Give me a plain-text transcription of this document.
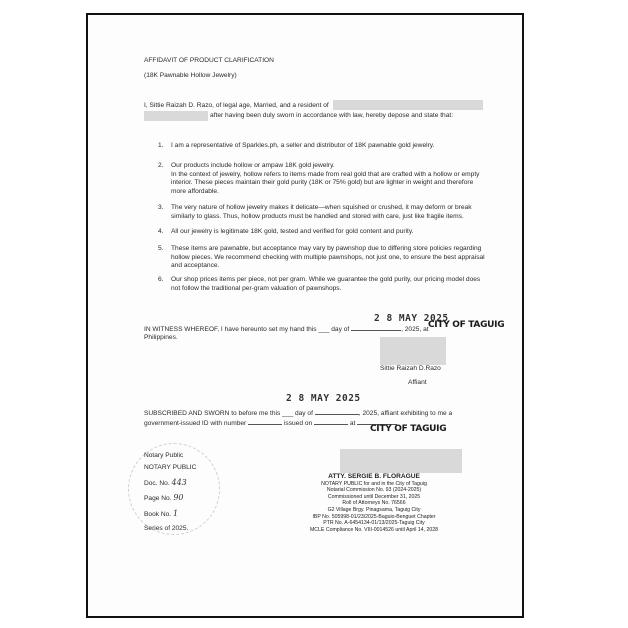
AFFIDAVIT OF PRODUCT CLARIFICATION
(18K Pawnable Hollow Jewelry)
I, Sittie Raizah D. Razo, of legal age, Married, and a resident of
after having been duly sworn in accordance with law, hereby depose and state that:
1. I am a representative of Sparkles.ph, a seller and distributor of 18K pawnable gold jewelry.
2. Our products include hollow or ampaw 18K gold jewelry.
In the context of jewelry, hollow refers to items made from real gold that are crafted with a hollow or empty
interior. These pieces maintain their gold purity (18K or 75% gold) but are lighter in weight and therefore
more affordable.
3. The very nature of hollow jewelry makes it delicate—when squished or crushed, it may deform or break
similarly to glass. Thus, hollow products must be handled and stored with care, just like fragile items.
4. All our jewelry is legitimate 18K gold, tested and verified for gold content and purity.
5. These items are pawnable, but acceptance may vary by pawnshop due to differing store policies regarding
hollow pieces. We recommend checking with multiple pawnshops, not just one, to ensure the best appraisal
and acceptance.
6. Our shop prices items per piece, not per gram. While we guarantee the gold purity, our pricing model does
not follow the traditional per-gram valuation of pawnshops.
2 8 MAY 2025
IN WITNESS WHEREOF, I have hereunto set my hand this ___ day of	, 2025, at CITY OF TAGUIG
Philippines.
Sittie Raizah D.Razo
Affiant
2 8 MAY 2025
SUBSCRIBED AND SWORN to before me this ___ day of	, 2025, affiant exhibiting to me a
government-issued ID with number	issued on	at
CITY OF TAGUIG
Notary Public
NOTARY PUBLIC
Doc. No. 443
Page No. 90
Book No. 1
Series of 2025.
ATTY. SERGIE B. FLORAGUE
NOTARY PUBLIC for and in the City of Taguig
Notarial Commission No. 93 (2024-2025)
Commissioned until December 31, 2025
Roll of Attorneys No. 76566
G2 Village Brgy. Pinagsama, Taguig City
IBP No. 505998-01/23/2025-Baguio-Benguet Chapter
PTR No. A-6454134-01/13/2025-Taguig City
MCLE Compliance No. VIII-0014526 until April 14, 2028
